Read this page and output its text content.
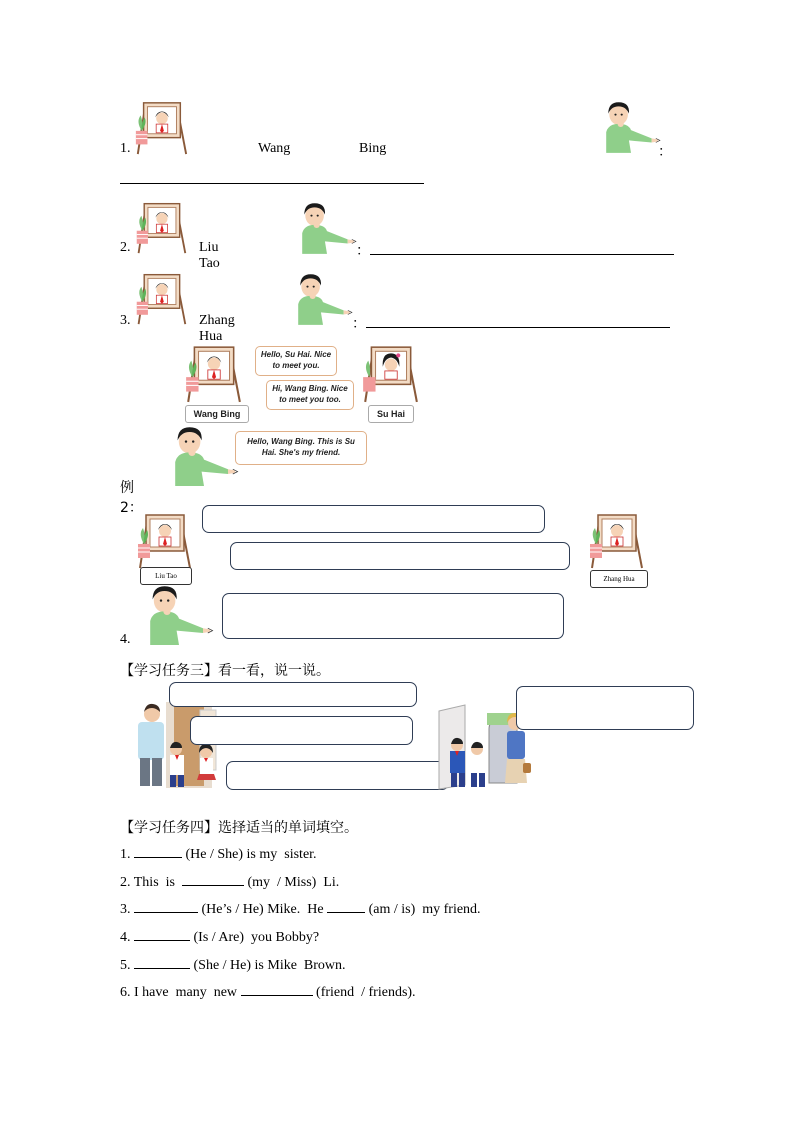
1.	Wang	Bing	：
2.	Liu Tao
：
3.	Zhang Hua
：
Wang Bing
Hello, Su Hai. Nice to meet you.
Hi, Wang Bing. Nice to meet you too.
Su Hai
Hello, Wang Bing. This is Su Hai. She's my friend.
例 2：
Liu Tao	Zhang Hua
4.
【学习任务三】看一看，说一说。
【学习任务四】选择适当的单词填空。
1.	(He / She) is my  sister.
2. This  is	(my  / Miss)  Li.
3.	(He’s / He) Mike.  He	(am / is)  my friend.
4.	(Is / Are)  you Bobby?
5.	(She / He) is Mike  Brown.
6. I have  many  new	(friend  / friends).
